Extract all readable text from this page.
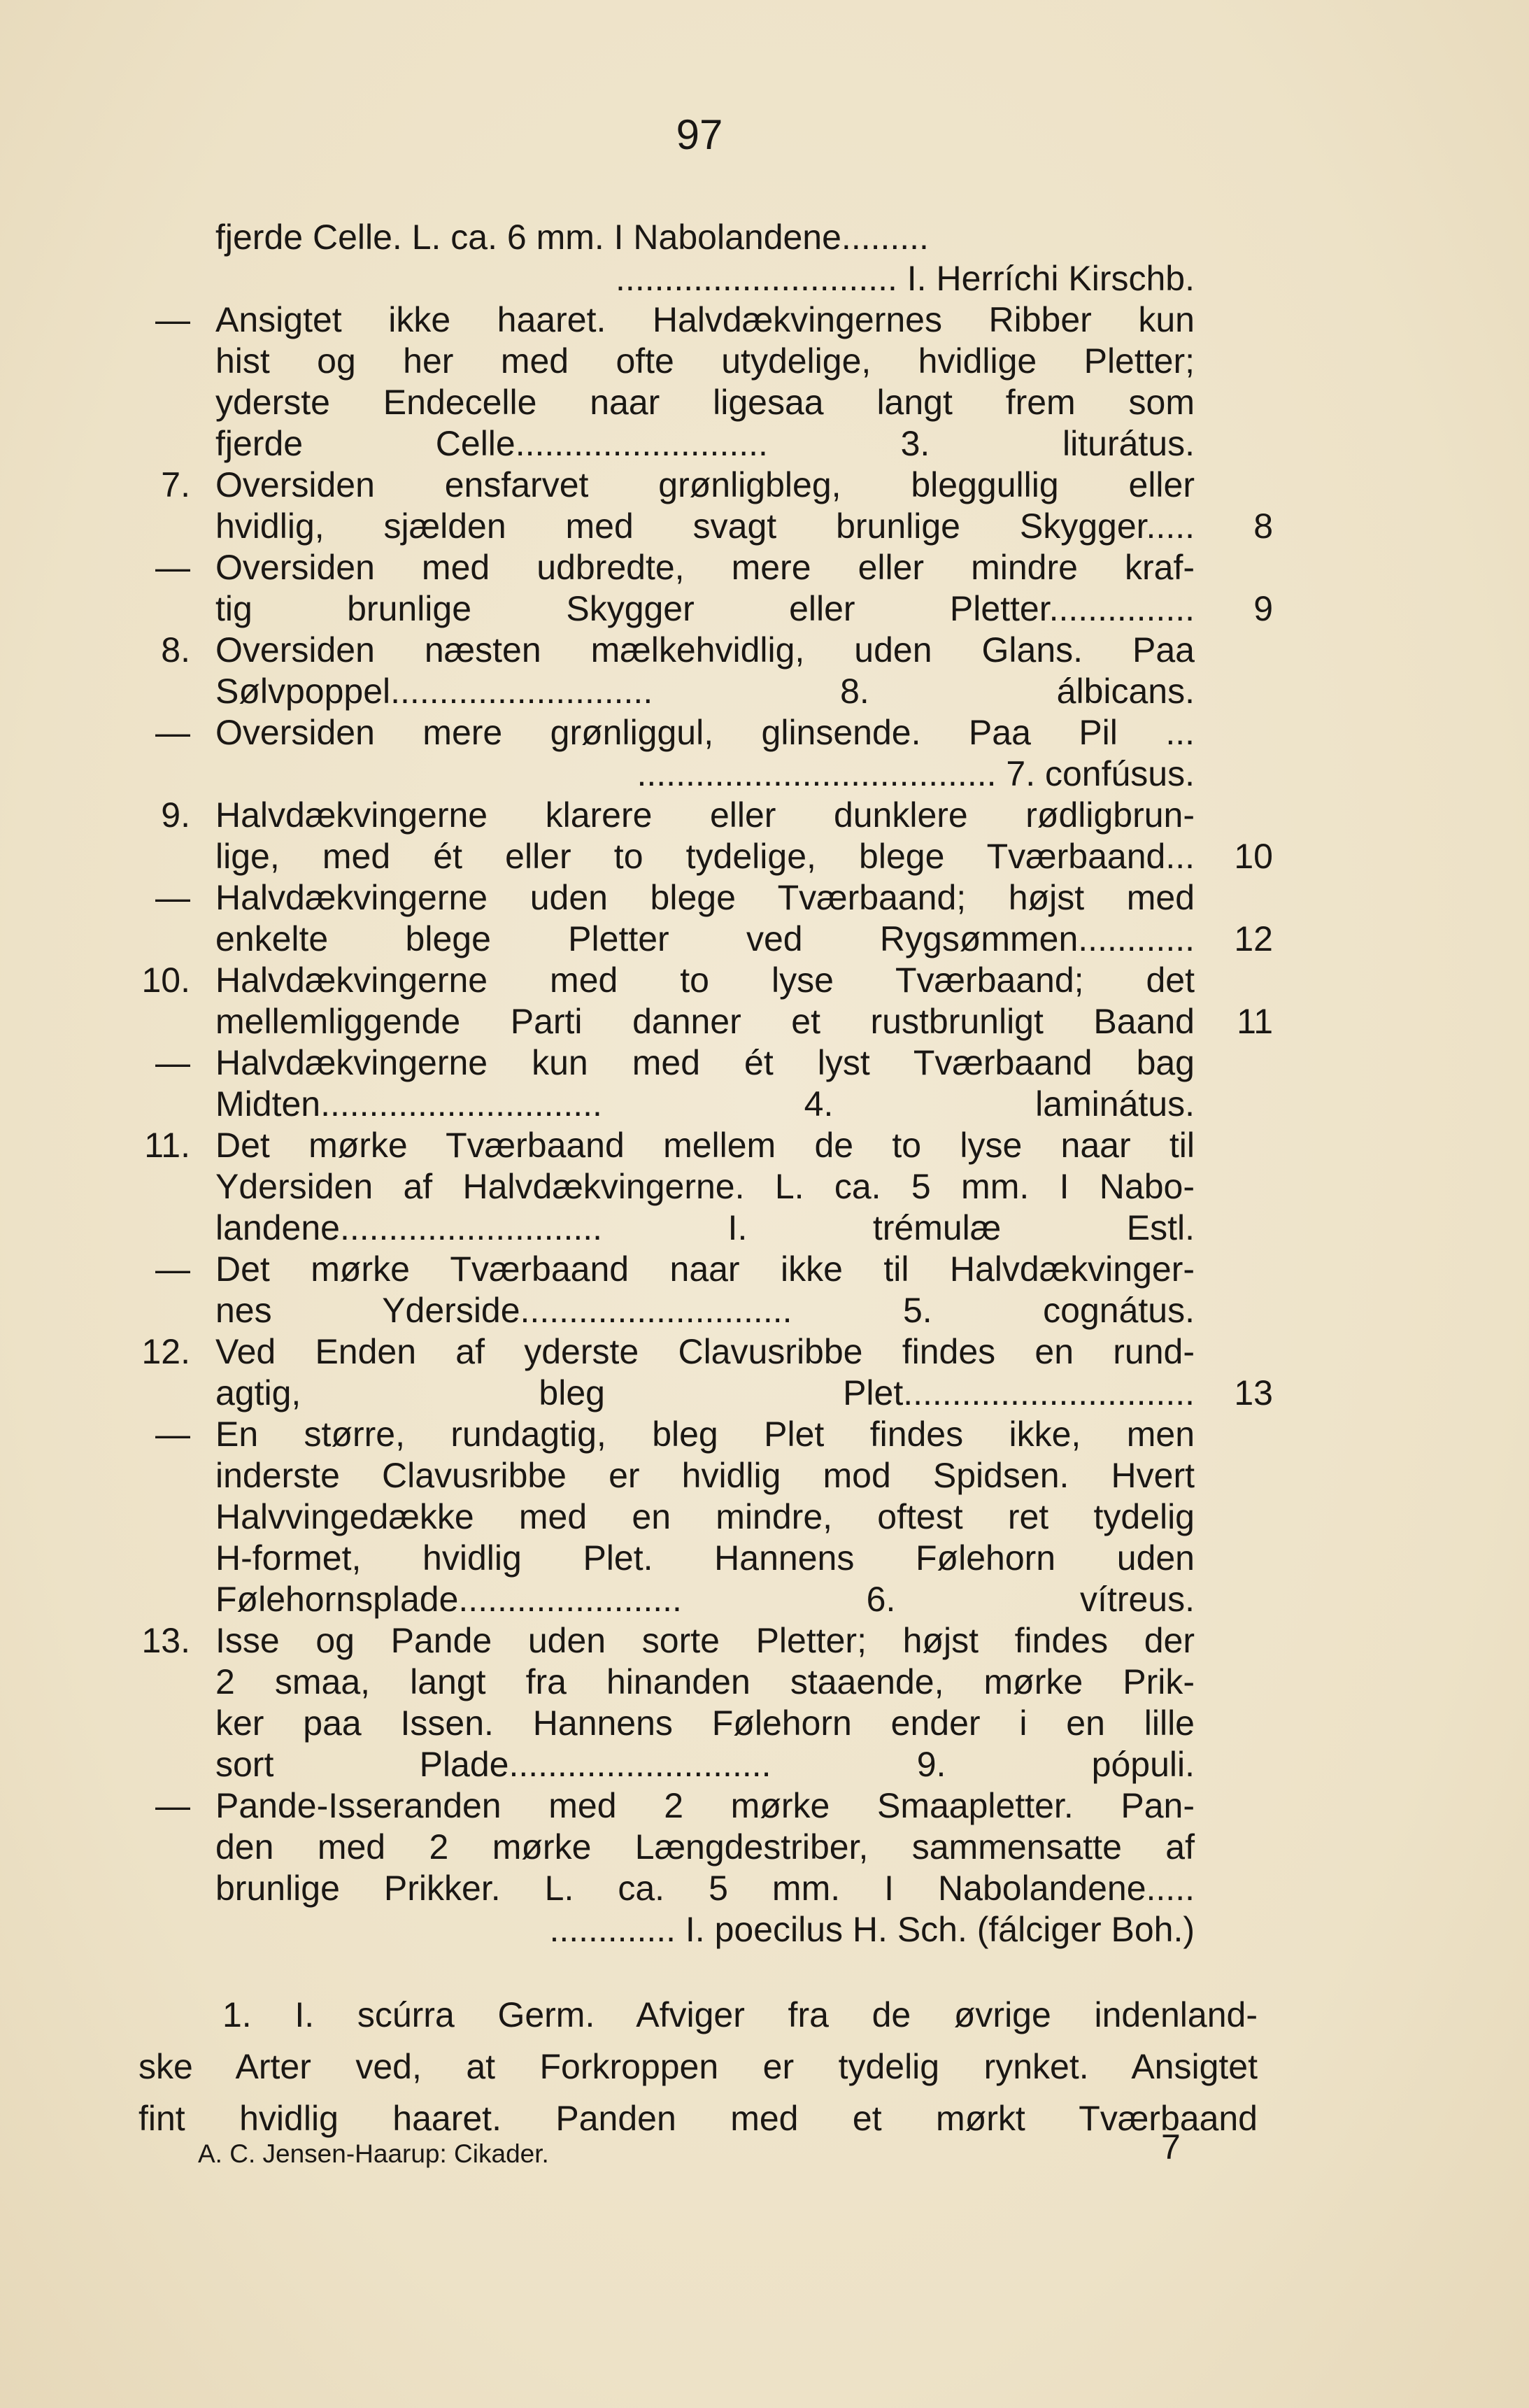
97
fjerde Celle. L. ca. 6 mm. I Nabolandene.........
............................. I. Herríchi Kirschb.
— Ansigtet ikke haaret. Halvdækvingernes Ribber kun
hist og her med ofte utydelige, hvidlige Pletter;
yderste Endecelle naar ligesaa langt frem som
fjerde Celle.......................... 3. liturátus.
7. Oversiden ensfarvet grønligbleg, bleggullig eller
hvidlig, sjælden med svagt brunlige Skygger.....	8
— Oversiden med udbredte, mere eller mindre kraf-
tig brunlige Skygger eller Pletter...............	9
8. Oversiden næsten mælkehvidlig, uden Glans. Paa
Sølvpoppel........................... 8. álbicans.
— Oversiden mere grønliggul, glinsende. Paa Pil ...
..................................... 7. confúsus.
9. Halvdækvingerne klarere eller dunklere rødligbrun-
lige, med ét eller to tydelige, blege Tværbaand...	10
— Halvdækvingerne uden blege Tværbaand; højst med
enkelte blege Pletter ved Rygsømmen............	12
10. Halvdækvingerne med to lyse Tværbaand; det
mellemliggende Parti danner et rustbrunligt Baand	11
— Halvdækvingerne kun med ét lyst Tværbaand bag
Midten............................. 4. laminátus.
11. Det mørke Tværbaand mellem de to lyse naar til
Ydersiden af Halvdækvingerne. L. ca. 5 mm. I Nabo-
landene........................... I. trémulæ Estl.
— Det mørke Tværbaand naar ikke til Halvdækvinger-
nes Yderside............................ 5. cognátus.
12. Ved Enden af yderste Clavusribbe findes en rund-
agtig, bleg Plet..............................	13
— En større, rundagtig, bleg Plet findes ikke, men
inderste Clavusribbe er hvidlig mod Spidsen. Hvert
Halvvingedække med en mindre, oftest ret tydelig
H-formet, hvidlig Plet. Hannens Følehorn uden
Følehornsplade....................... 6. vítreus.
13. Isse og Pande uden sorte Pletter; højst findes der
2 smaa, langt fra hinanden staaende, mørke Prik-
ker paa Issen. Hannens Følehorn ender i en lille
sort Plade........................... 9. pópuli.
— Pande-Isseranden med 2 mørke Smaapletter. Pan-
den med 2 mørke Længdestriber, sammensatte af
brunlige Prikker. L. ca. 5 mm. I Nabolandene.....
............. I. poecilus H. Sch. (fálciger Boh.)
1. I. scúrra Germ. Afviger fra de øvrige indenland-
ske Arter ved, at Forkroppen er tydelig rynket. Ansigtet
fint hvidlig haaret. Panden med et mørkt Tværbaand
A. C. Jensen-Haarup: Cikader.	7
